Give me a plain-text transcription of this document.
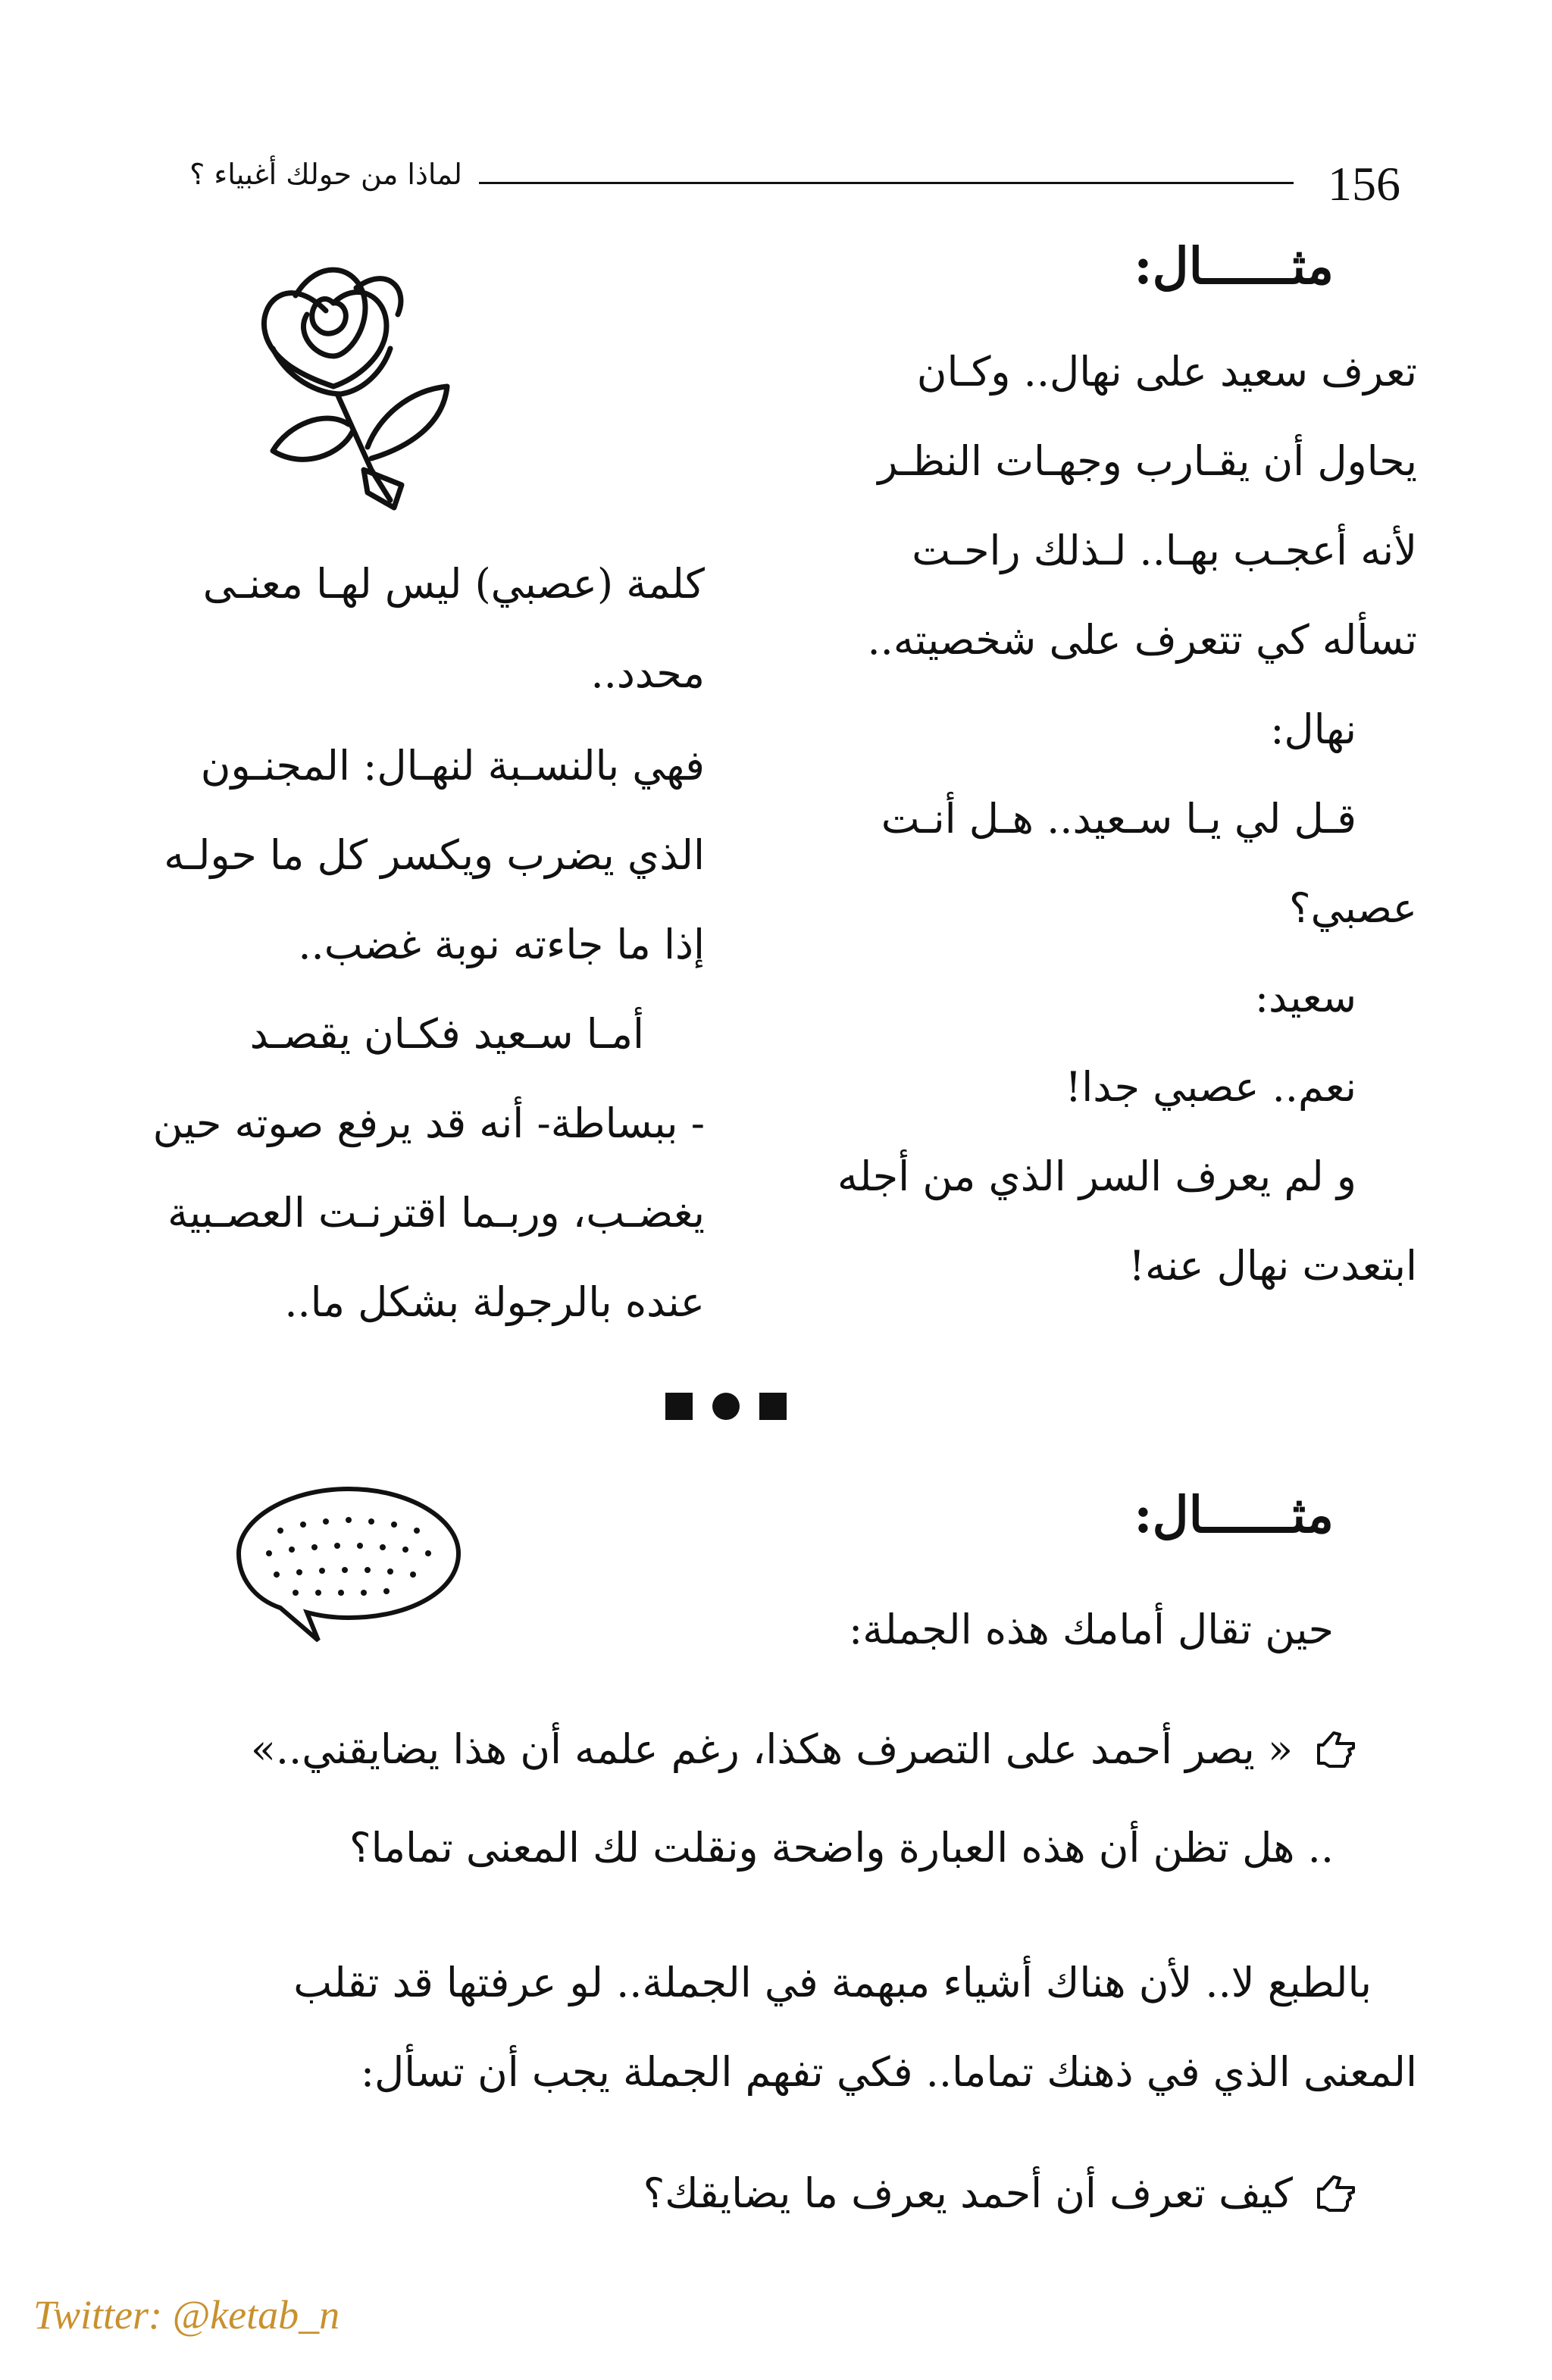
156
لماذا من حولك أغبياء ؟
مثــــــال:
تعرف سعيد على نهال.. وكـان
يحاول أن يقـارب وجهـات النظـر
لأنه أعجـب بهـا.. لـذلك راحـت
تسأله كي تتعرف على شخصيته..
نهال:
قـل لي يـا سـعيد.. هـل أنـت
عصبي؟
سعيد:
نعم.. عصبي جدا!
و لم يعرف السر الذي من أجله
ابتعدت نهال عنه!
كلمة (عصبي) ليس لهـا معنـى
محدد..
فهي بالنسـبة لنهـال: المجنـون
الذي يضرب ويكسر كل ما حولـه
إذا ما جاءته نوبة غضب..
أمـا سـعيد فكـان يقصـد
- ببساطة- أنه قد يرفع صوته حين
يغضـب، وربـما اقترنـت العصـبية
عنده بالرجولة بشكل ما..
مثــــــال:
حين تقال أمامك هذه الجملة:
« يصر أحمد على التصرف هكذا، رغم علمه أن هذا يضايقني..»
.. هل تظن أن هذه العبارة واضحة ونقلت لك المعنى تماما؟
بالطبع لا.. لأن هناك أشياء مبهمة في الجملة.. لو عرفتها قد تقلب
المعنى الذي في ذهنك تماما.. فكي تفهم الجملة يجب أن تسأل:
كيف تعرف أن أحمد يعرف ما يضايقك؟
Twitter: @ketab_n
